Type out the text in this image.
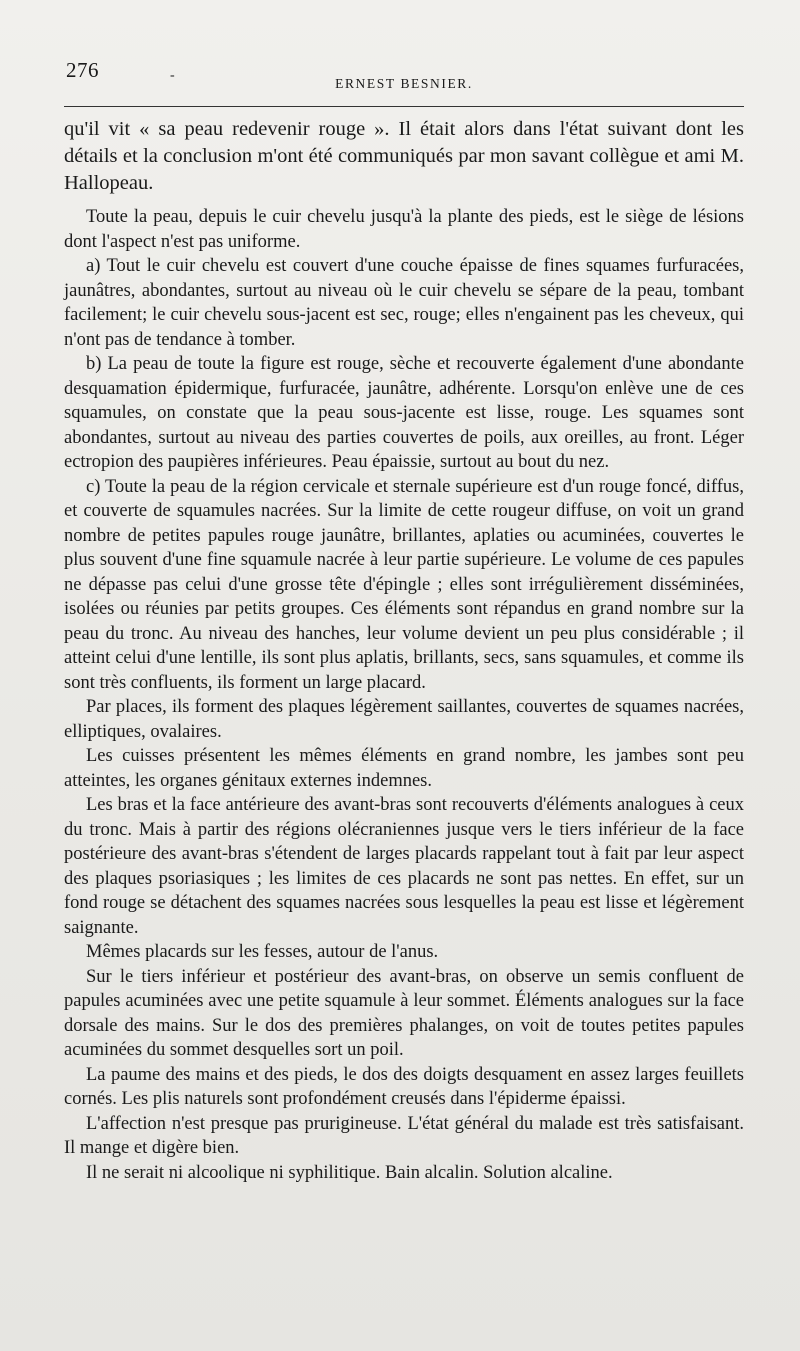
276	-
ERNEST BESNIER.

qu'il vit « sa peau redevenir rouge ». Il était alors dans l'état suivant dont les détails et la conclusion m'ont été communiqués par mon savant collègue et ami M. Hallopeau.

Toute la peau, depuis le cuir chevelu jusqu'à la plante des pieds, est le siège de lésions dont l'aspect n'est pas uniforme.

a) Tout le cuir chevelu est couvert d'une couche épaisse de fines squames furfuracées, jaunâtres, abondantes, surtout au niveau où le cuir chevelu se sépare de la peau, tombant facilement; le cuir chevelu sous-jacent est sec, rouge; elles n'engainent pas les cheveux, qui n'ont pas de tendance à tomber.

b) La peau de toute la figure est rouge, sèche et recouverte également d'une abondante desquamation épidermique, furfuracée, jaunâtre, adhérente. Lorsqu'on enlève une de ces squamules, on constate que la peau sous-jacente est lisse, rouge. Les squames sont abondantes, surtout au niveau des parties couvertes de poils, aux oreilles, au front. Léger ectropion des paupières inférieures. Peau épaissie, surtout au bout du nez.

c) Toute la peau de la région cervicale et sternale supérieure est d'un rouge foncé, diffus, et couverte de squamules nacrées. Sur la limite de cette rougeur diffuse, on voit un grand nombre de petites papules rouge jaunâtre, brillantes, aplaties ou acuminées, couvertes le plus souvent d'une fine squamule nacrée à leur partie supérieure. Le volume de ces papules ne dépasse pas celui d'une grosse tête d'épingle ; elles sont irrégulièrement disséminées, isolées ou réunies par petits groupes. Ces éléments sont répandus en grand nombre sur la peau du tronc. Au niveau des hanches, leur volume devient un peu plus considérable ; il atteint celui d'une lentille, ils sont plus aplatis, brillants, secs, sans squamules, et comme ils sont très confluents, ils forment un large placard.

Par places, ils forment des plaques légèrement saillantes, couvertes de squames nacrées, elliptiques, ovalaires.

Les cuisses présentent les mêmes éléments en grand nombre, les jambes sont peu atteintes, les organes génitaux externes indemnes.

Les bras et la face antérieure des avant-bras sont recouverts d'éléments analogues à ceux du tronc. Mais à partir des régions olécraniennes jusque vers le tiers inférieur de la face postérieure des avant-bras s'étendent de larges placards rappelant tout à fait par leur aspect des plaques psoriasiques ; les limites de ces placards ne sont pas nettes. En effet, sur un fond rouge se détachent des squames nacrées sous lesquelles la peau est lisse et légèrement saignante.

Mêmes placards sur les fesses, autour de l'anus.

Sur le tiers inférieur et postérieur des avant-bras, on observe un semis confluent de papules acuminées avec une petite squamule à leur sommet. Éléments analogues sur la face dorsale des mains. Sur le dos des premières phalanges, on voit de toutes petites papules acuminées du sommet desquelles sort un poil.

La paume des mains et des pieds, le dos des doigts desquament en assez larges feuillets cornés. Les plis naturels sont profondément creusés dans l'épiderme épaissi.

L'affection n'est presque pas prurigineuse. L'état général du malade est très satisfaisant. Il mange et digère bien.

Il ne serait ni alcoolique ni syphilitique. Bain alcalin. Solution alcaline.
